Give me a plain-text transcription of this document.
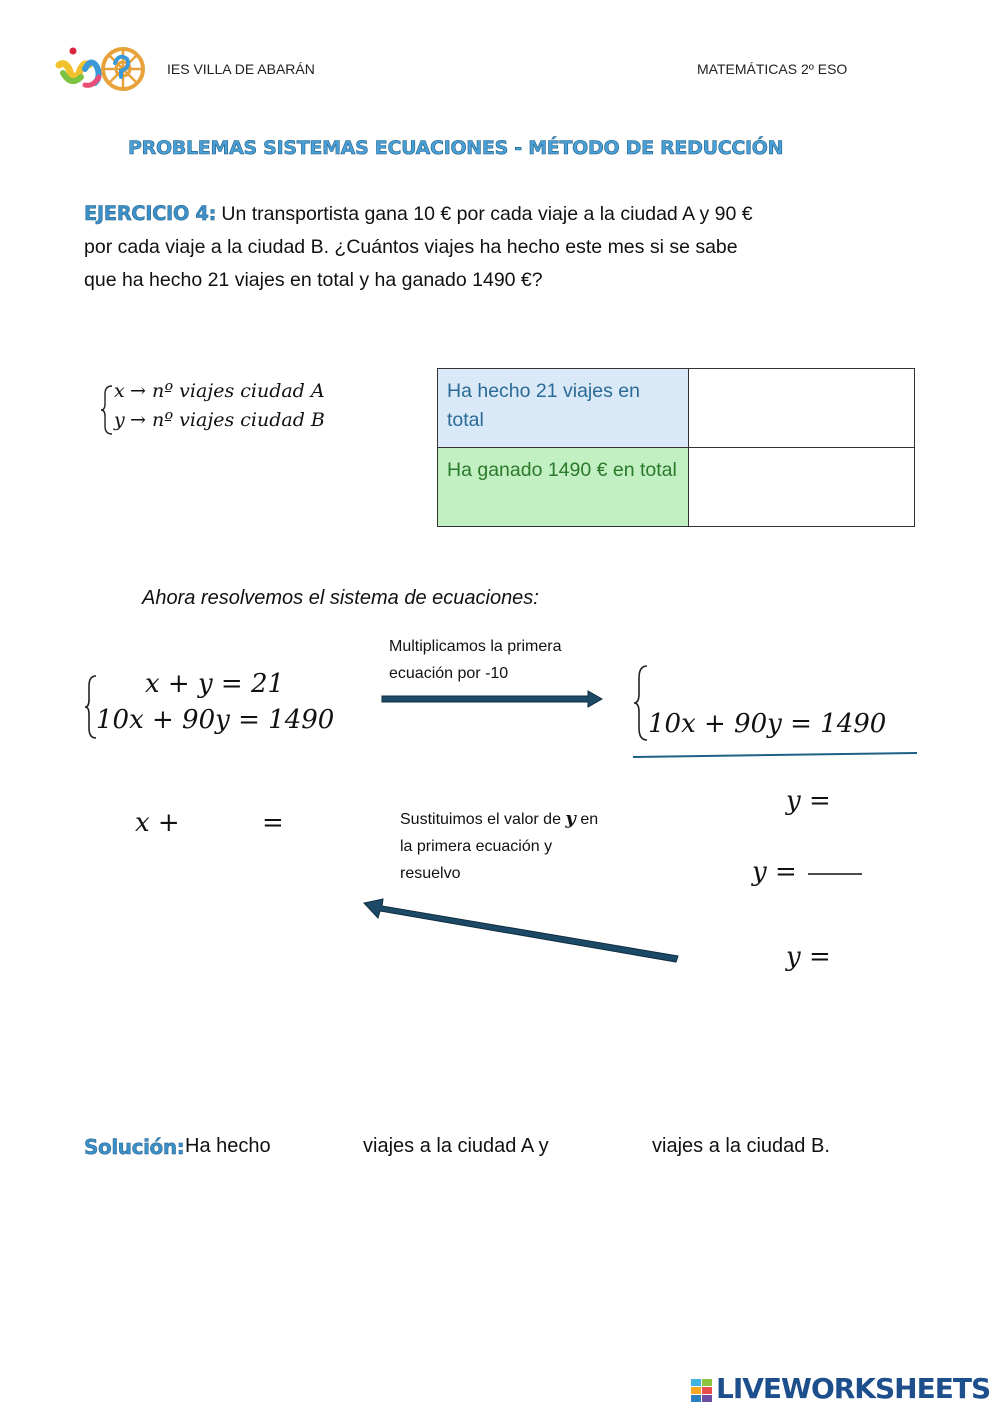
IES VILLA DE ABARÁN	MATEMÁTICAS 2º ESO
PROBLEMAS SISTEMAS ECUACIONES - MÉTODO DE REDUCCIÓN
EJERCICIO 4: Un transportista gana 10 € por cada viaje a la ciudad A y 90 €
por cada viaje a la ciudad B. ¿Cuántos viajes ha hecho este mes si se sabe
que ha hecho 21 viajes en total y ha ganado 1490 €?
x → nº viajes ciudad A
y → nº viajes ciudad B
Ha hecho 21 viajes en total	
Ha ganado 1490 € en total	
Ahora resolvemos el sistema de ecuaciones:
x + y = 21
10x + 90y = 1490
Multiplicamos la primera
ecuación por -10
10x + 90y = 1490
y =
y =
y =
x +	=	Sustituimos el valor de y en
la primera ecuación y
resuelvo
Solución: Ha hecho	viajes a la ciudad A y	viajes a la ciudad B.
LIVEWORKSHEETS
